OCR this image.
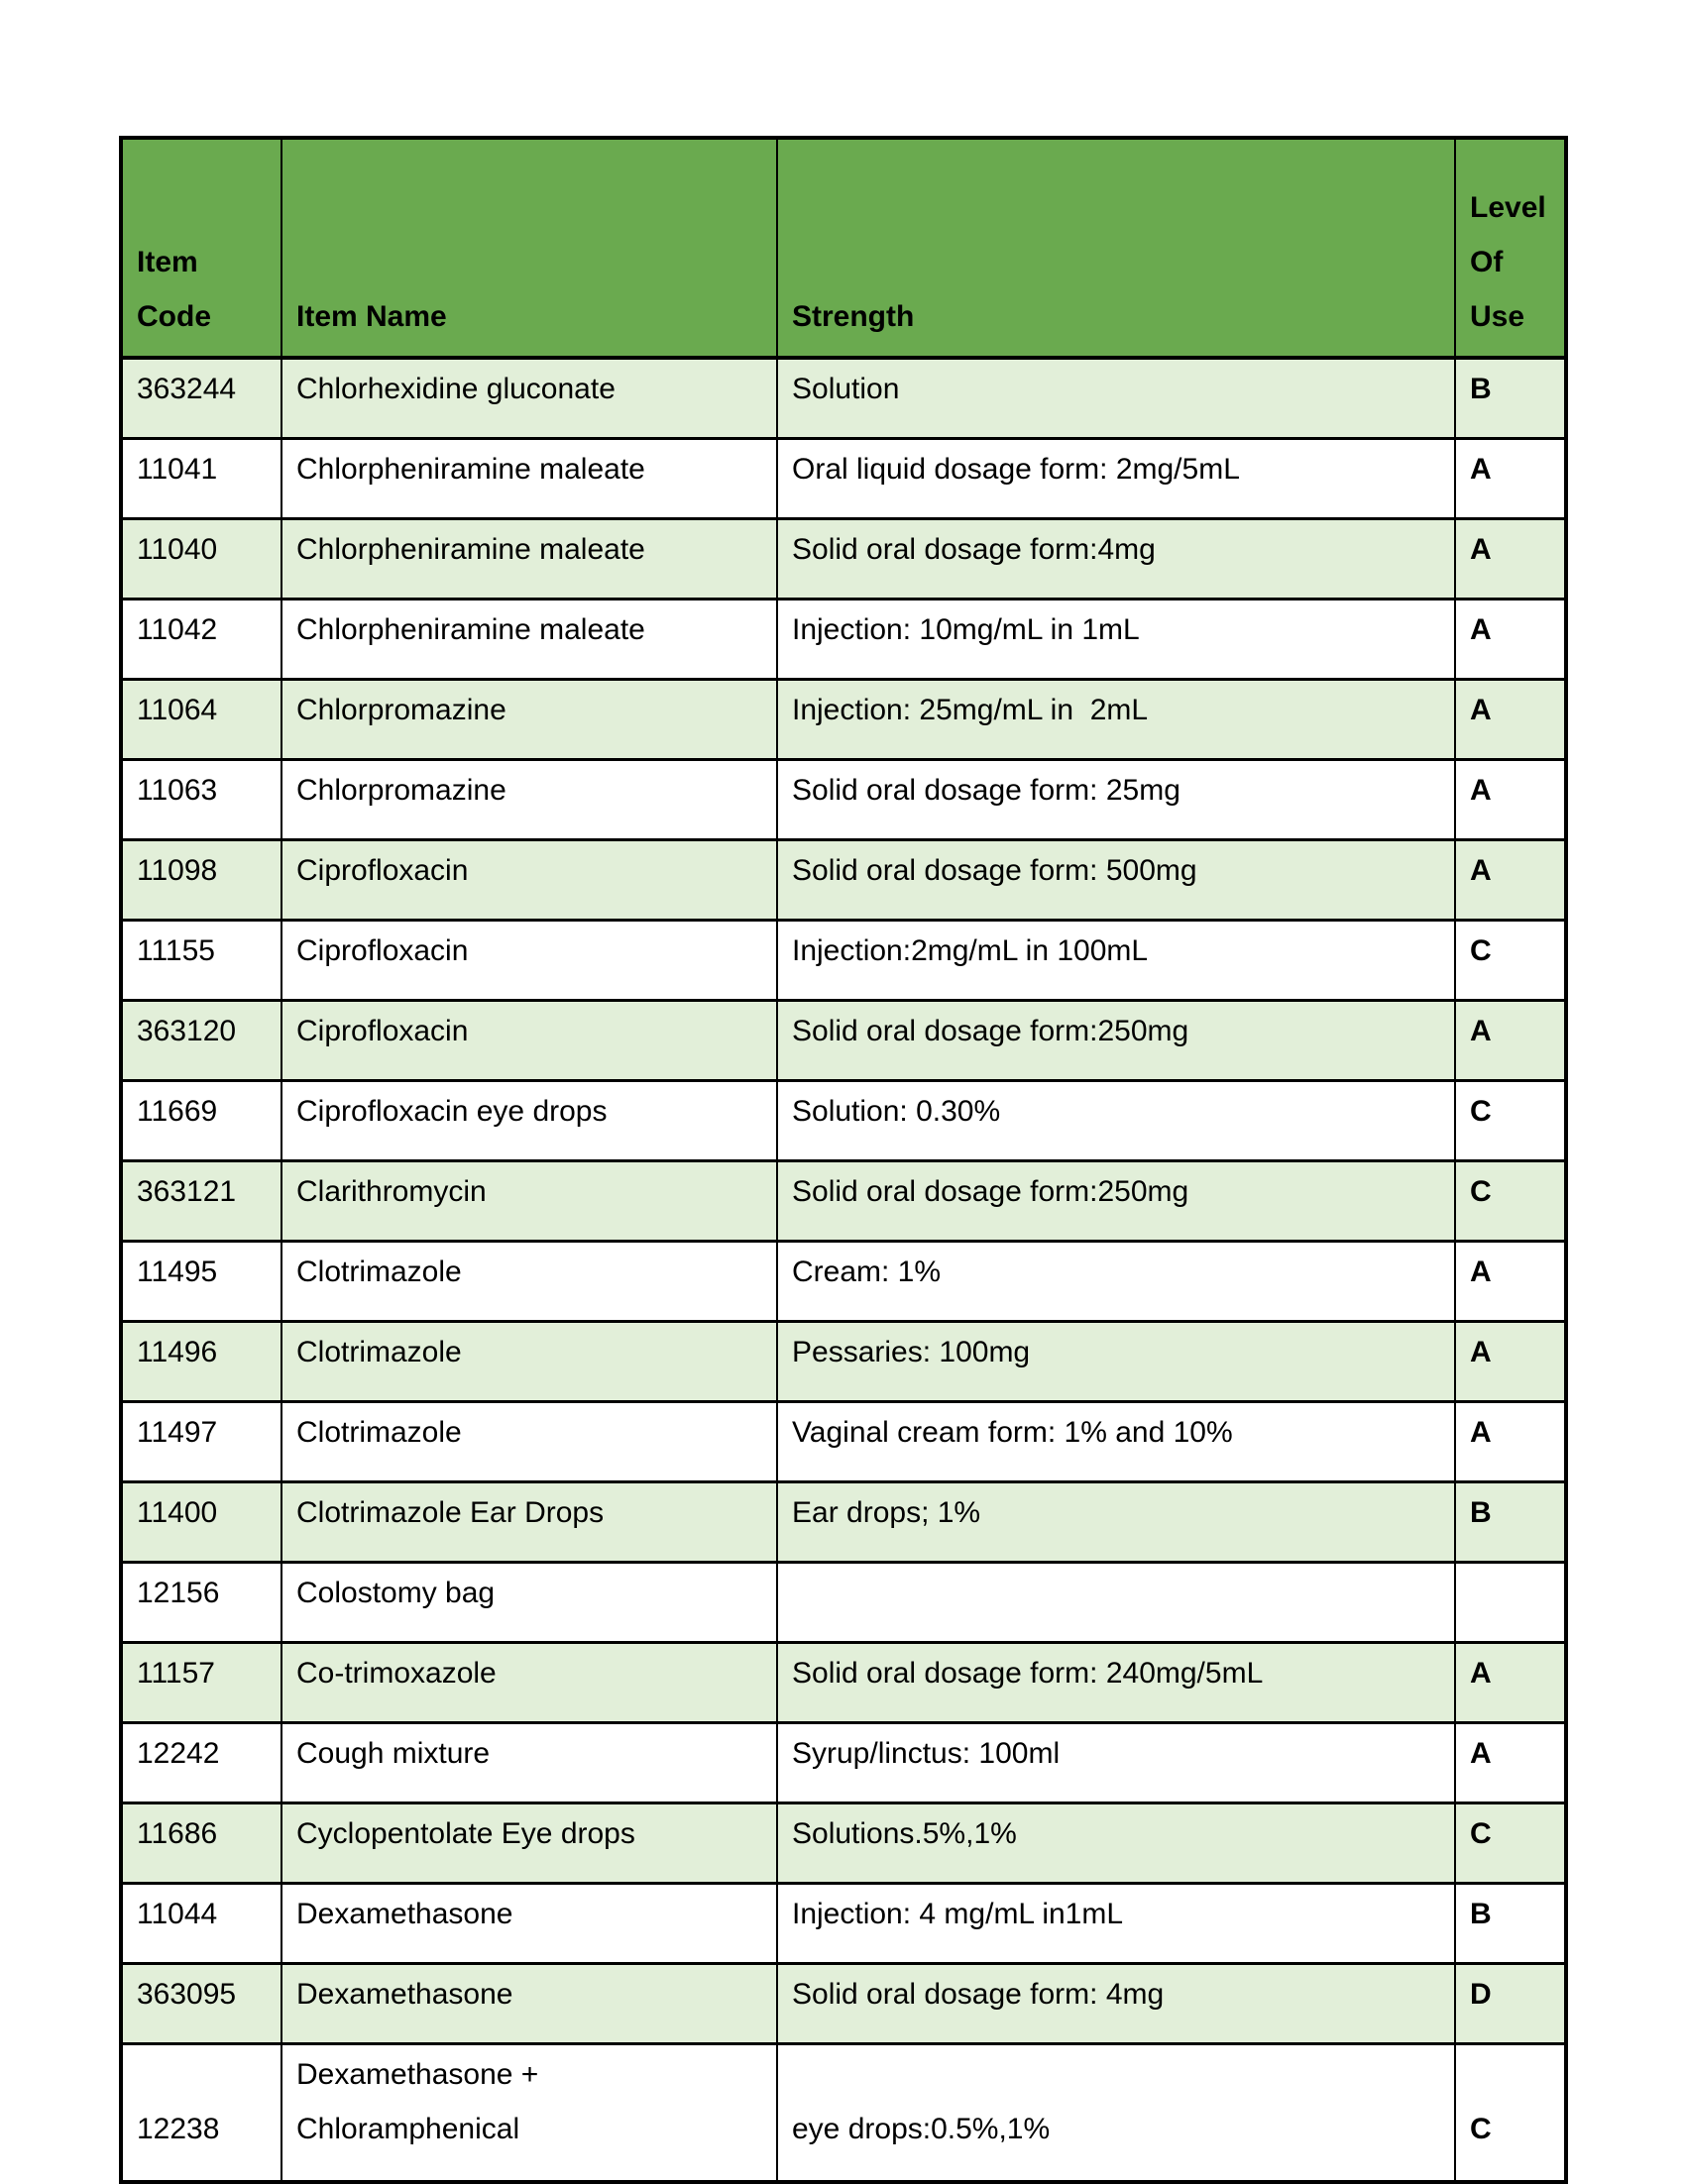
Item Code	Item Name	Strength	Level Of Use

363244	Chlorhexidine gluconate	Solution	B

11041	Chlorpheniramine maleate	Oral liquid dosage form: 2mg/5mL	A

11040	Chlorpheniramine maleate	Solid oral dosage form:4mg	A

11042	Chlorpheniramine maleate	Injection: 10mg/mL in 1mL	A

11064	Chlorpromazine	Injection: 25mg/mL in  2mL	A

11063	Chlorpromazine	Solid oral dosage form: 25mg	A

11098	Ciprofloxacin	Solid oral dosage form: 500mg	A

11155	Ciprofloxacin	Injection:2mg/mL in 100mL	C

363120	Ciprofloxacin	Solid oral dosage form:250mg	A

11669	Ciprofloxacin eye drops	Solution: 0.30%	C

363121	Clarithromycin	Solid oral dosage form:250mg	C

11495	Clotrimazole	Cream: 1%	A

11496	Clotrimazole	Pessaries: 100mg	A

11497	Clotrimazole	Vaginal cream form: 1% and 10%	A

11400	Clotrimazole Ear Drops	Ear drops; 1%	B

12156	Colostomy bag		

11157	Co-trimoxazole	Solid oral dosage form: 240mg/5mL	A

12242	Cough mixture	Syrup/linctus: 100ml	A

11686	Cyclopentolate Eye drops	Solutions.5%,1%	C

11044	Dexamethasone	Injection: 4 mg/mL in1mL	B

363095	Dexamethasone	Solid oral dosage form: 4mg	D

12238	Dexamethasone + Chloramphenical	eye drops:0.5%,1%	C
